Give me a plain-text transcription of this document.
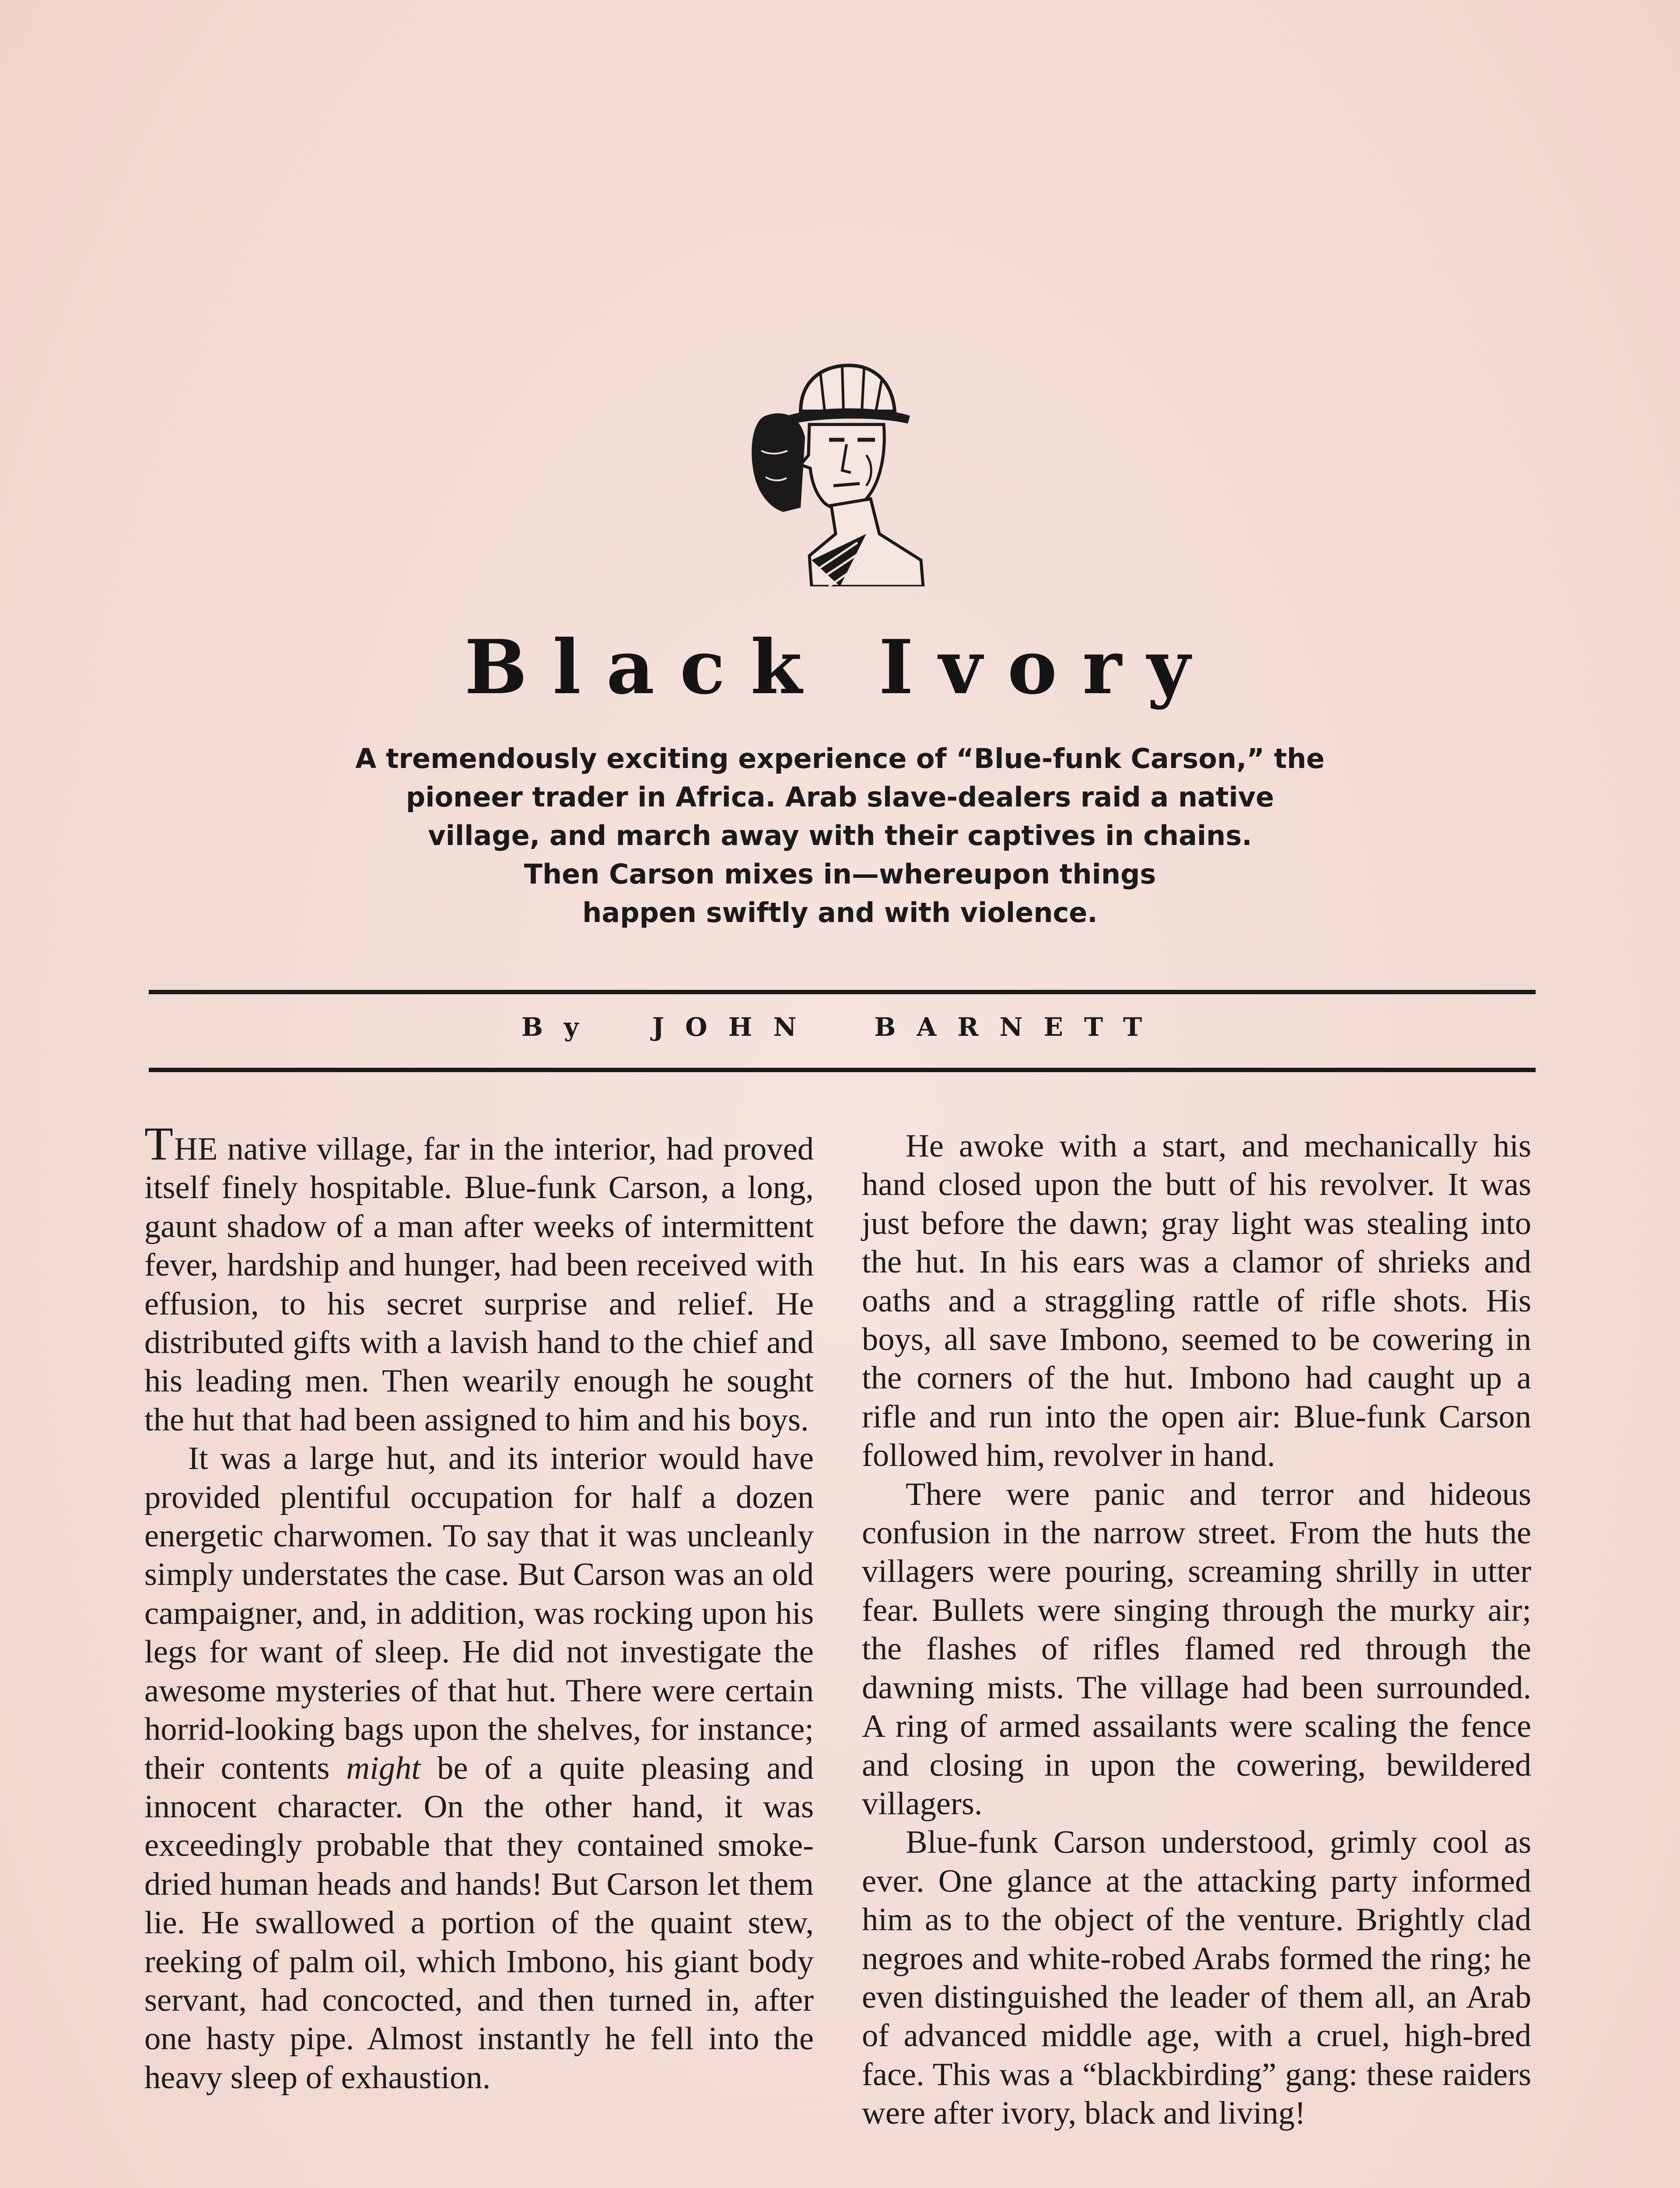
Black Ivory
A tremendously exciting experience of “Blue-funk Carson,” the
pioneer trader in Africa. Arab slave-dealers raid a native
village, and march away with their captives in chains.
Then Carson mixes in—whereupon things
happen swiftly and with violence.
By JOHN BARNETT

THE native village, far in the interior, had proved itself finely hospitable. Blue-funk Carson, a long, gaunt shadow of a man after weeks of intermittent fever, hardship and hunger, had been received with effusion, to his secret surprise and relief. He distributed gifts with a lavish hand to the chief and his leading men. Then wearily enough he sought the hut that had been assigned to him and his boys.

It was a large hut, and its interior would have provided plentiful occupation for half a dozen energetic charwomen. To say that it was uncleanly simply understates the case. But Carson was an old campaigner, and, in addition, was rocking upon his legs for want of sleep. He did not investigate the awesome mysteries of that hut. There were certain horrid-looking bags upon the shelves, for instance; their contents might be of a quite pleasing and innocent character. On the other hand, it was exceedingly probable that they contained smoke-dried human heads and hands! But Carson let them lie. He swallowed a portion of the quaint stew, reeking of palm oil, which Imbono, his giant body servant, had concocted, and then turned in, after one hasty pipe. Almost instantly he fell into the heavy sleep of exhaustion.

He awoke with a start, and mechanically his hand closed upon the butt of his revolver. It was just before the dawn; gray light was stealing into the hut. In his ears was a clamor of shrieks and oaths and a straggling rattle of rifle shots. His boys, all save Imbono, seemed to be cowering in the corners of the hut. Imbono had caught up a rifle and run into the open air: Blue-funk Carson followed him, revolver in hand.

There were panic and terror and hideous confusion in the narrow street. From the huts the villagers were pouring, screaming shrilly in utter fear. Bullets were singing through the murky air; the flashes of rifles flamed red through the dawning mists. The village had been surrounded. A ring of armed assailants were scaling the fence and closing in upon the cowering, bewildered villagers.

Blue-funk Carson understood, grimly cool as ever. One glance at the attacking party informed him as to the object of the venture. Brightly clad negroes and white-robed Arabs formed the ring; he even distinguished the leader of them all, an Arab of advanced middle age, with a cruel, high-bred face. This was a “blackbirding” gang: these raiders were after ivory, black and living!
